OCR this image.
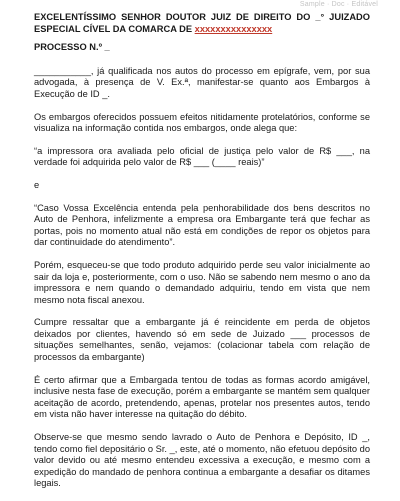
Sample · Doc · Editável
EXCELENTÍSSIMO SENHOR DOUTOR JUIZ DE DIREITO DO _° JUIZADO ESPECIAL CÍVEL DA COMARCA DE xxxxxxxxxxxxxxx
PROCESSO N.º _

___________, já qualificada nos autos do processo em epígrafe, vem, por sua advogada, à presença de V. Ex.ª, manifestar-se quanto aos Embargos à Execução de ID _.

Os embargos oferecidos possuem efeitos nitidamente protelatórios, conforme se visualiza na informação contida nos embargos, onde alega que:

“a impressora ora avaliada pelo oficial de justiça pelo valor de R$ ___, na verdade foi adquirida pelo valor de R$ ___ (____ reais)”

e

“Caso Vossa Excelência entenda pela penhorabilidade dos bens descritos no Auto de Penhora, infelizmente a empresa ora Embargante terá que fechar as portas, pois no momento atual não está em condições de repor os objetos para dar continuidade do atendimento”.

Porém, esqueceu-se que todo produto adquirido perde seu valor inicialmente ao sair da loja e, posteriormente, com o uso. Não se sabendo nem mesmo o ano da impressora e nem quando o demandado adquiriu, tendo em vista que nem mesmo nota fiscal anexou.

Cumpre ressaltar que a embargante já é reincidente em perda de objetos deixados por clientes, havendo só em sede de Juizado ___ processos de situações semelhantes, senão, vejamos: (colacionar tabela com relação de processos da embargante)

É certo afirmar que a Embargada tentou de todas as formas acordo amigável, inclusive nesta fase de execução, porém a embargante se mantém sem qualquer aceitação de acordo, pretendendo, apenas, protelar nos presentes autos, tendo em vista não haver interesse na quitação do débito.

Observe-se que mesmo sendo lavrado o Auto de Penhora e Depósito, ID _, tendo como fiel depositário o Sr. _, este, até o momento, não efetuou depósito do valor devido ou até mesmo entendeu excessiva a execução, e mesmo com a expedição do mandado de penhora continua a embargante a desafiar os ditames legais.
